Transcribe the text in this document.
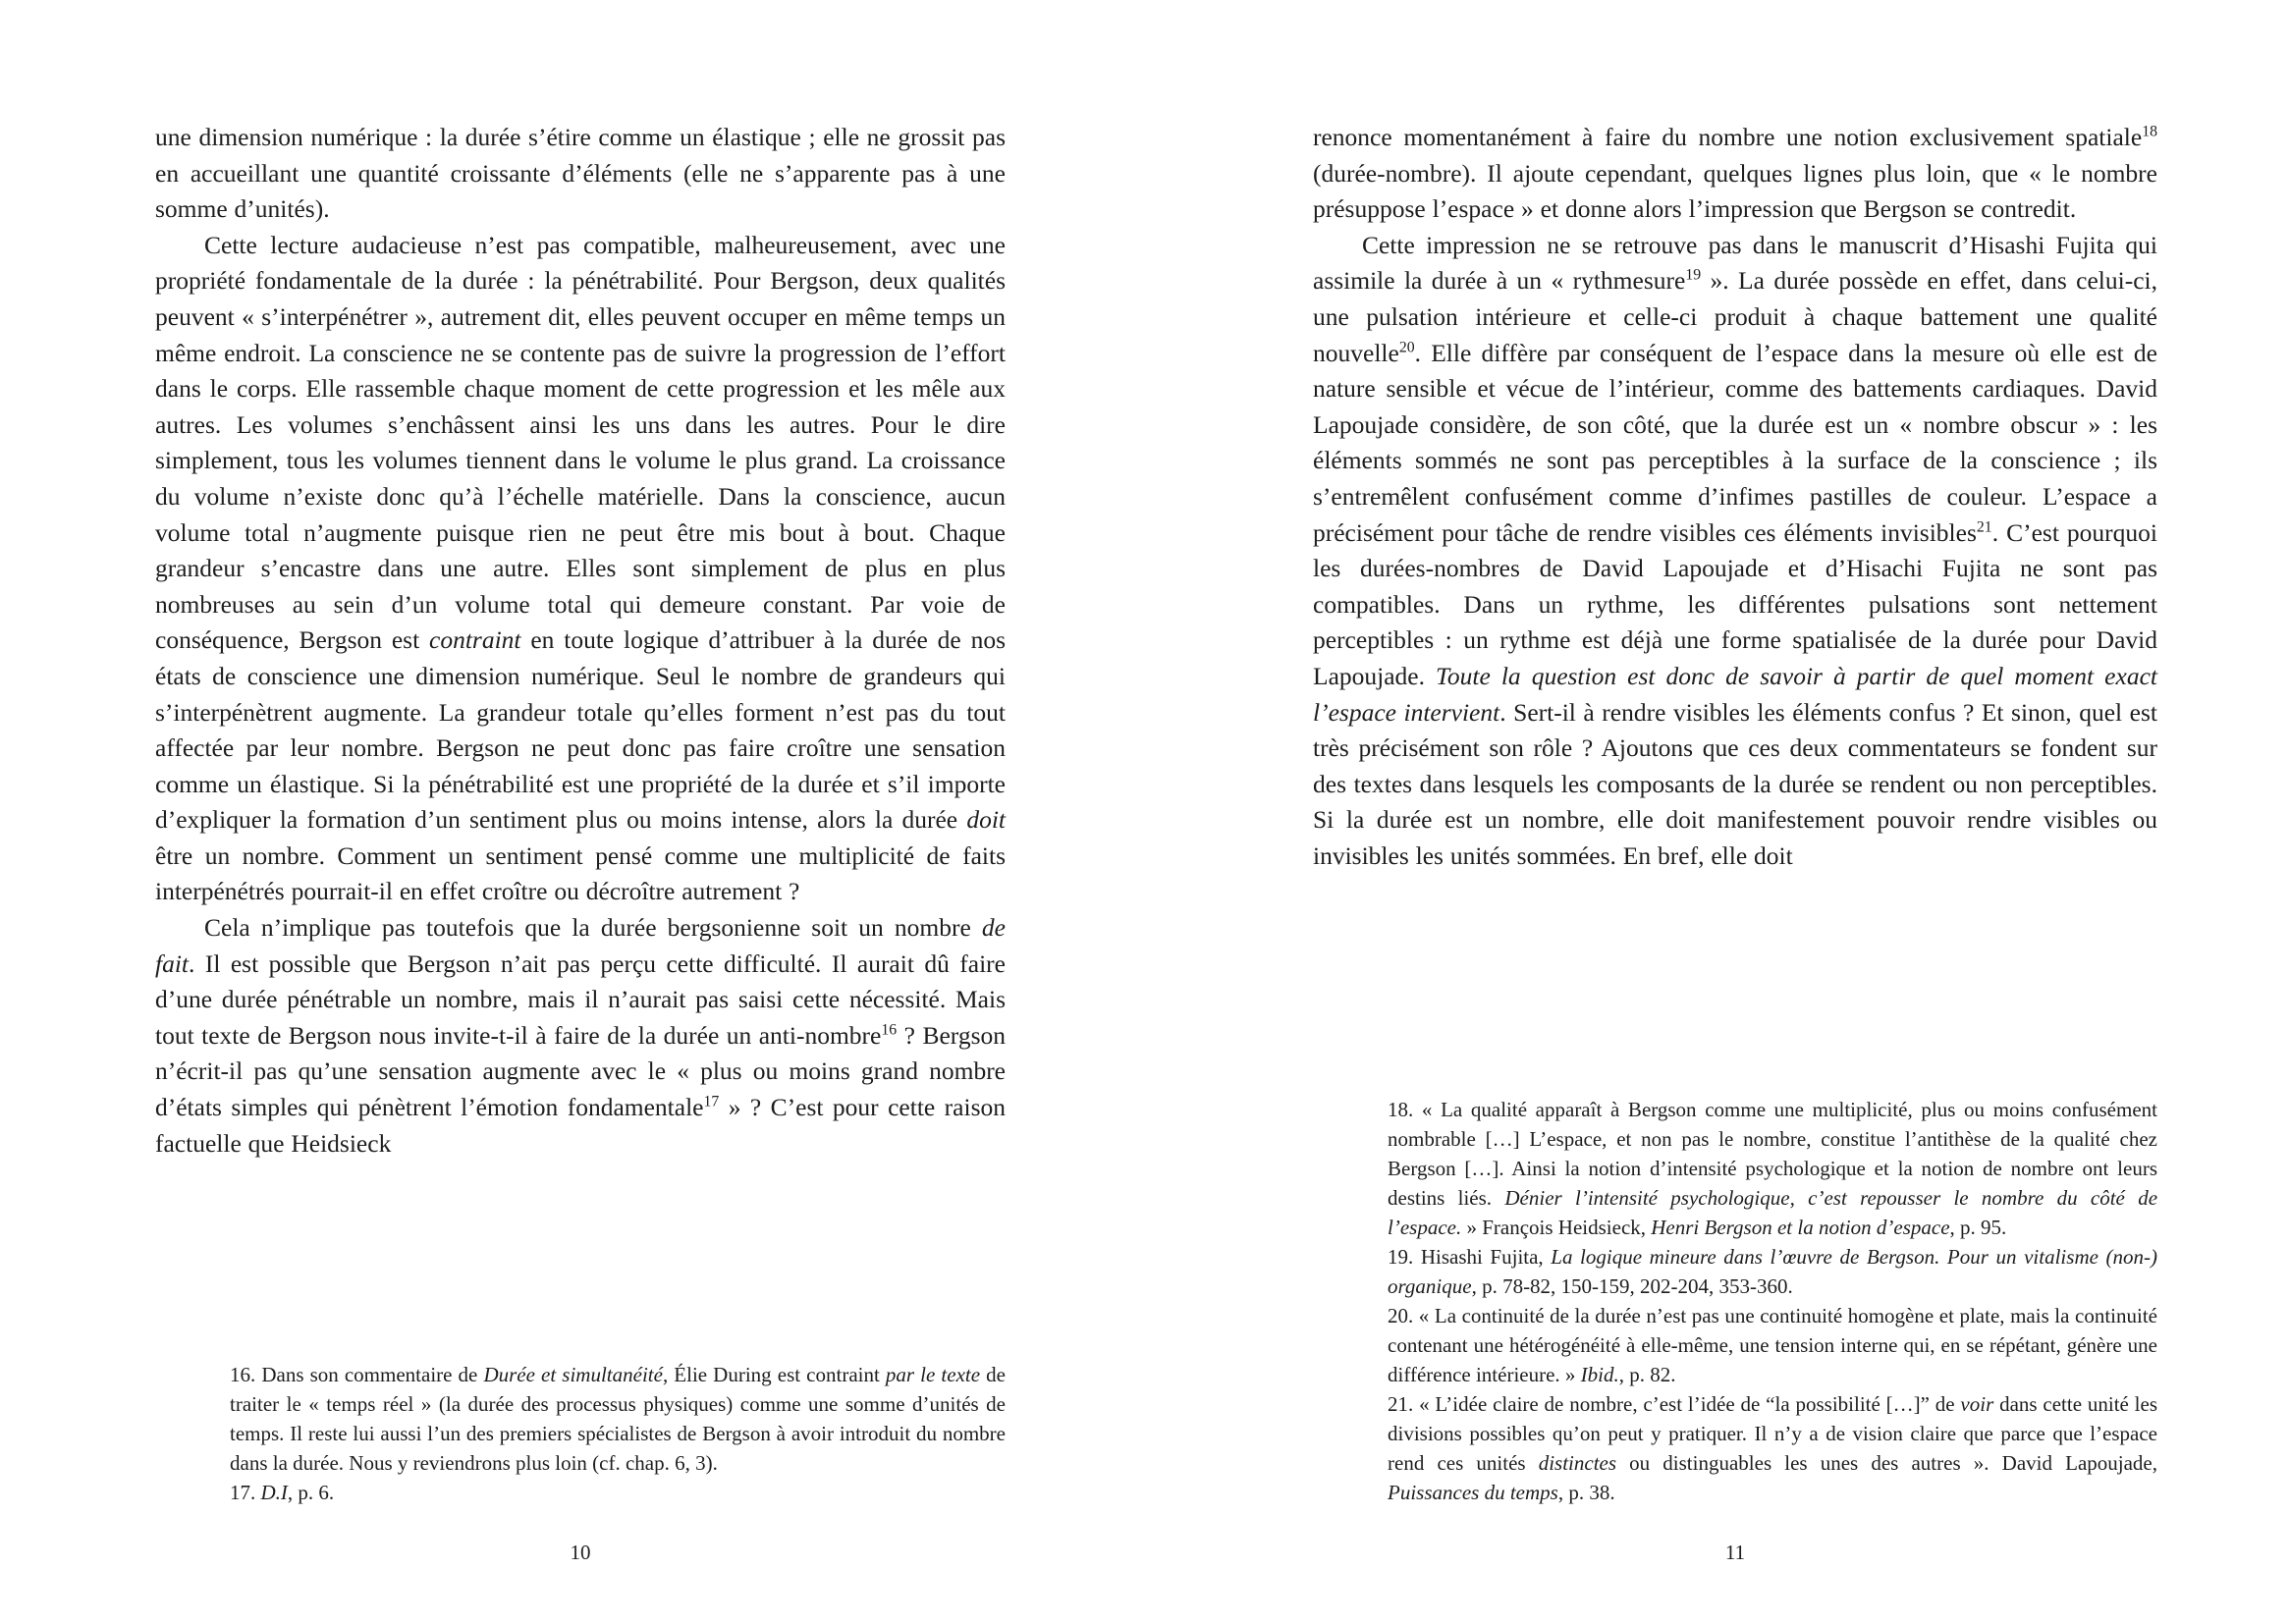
une dimension numérique : la durée s’étire comme un élastique ; elle ne grossit pas en accueillant une quantité croissante d’éléments (elle ne s’apparente pas à une somme d’unités).

Cette lecture audacieuse n’est pas compatible, malheureusement, avec une propriété fondamentale de la durée : la pénétrabilité. Pour Bergson, deux qualités peuvent « s’interpénétrer », autrement dit, elles peuvent occuper en même temps un même endroit. La conscience ne se contente pas de suivre la progression de l’effort dans le corps. Elle rassemble chaque moment de cette progression et les mêle aux autres. Les volumes s’enchâssent ainsi les uns dans les autres. Pour le dire simplement, tous les volumes tiennent dans le volume le plus grand. La croissance du volume n’existe donc qu’à l’échelle matérielle. Dans la conscience, aucun volume total n’augmente puisque rien ne peut être mis bout à bout. Chaque grandeur s’encastre dans une autre. Elles sont simplement de plus en plus nombreuses au sein d’un volume total qui demeure constant. Par voie de conséquence, Bergson est contraint en toute logique d’attribuer à la durée de nos états de conscience une dimension numérique. Seul le nombre de grandeurs qui s’interpénètrent augmente. La grandeur totale qu’elles forment n’est pas du tout affectée par leur nombre. Bergson ne peut donc pas faire croître une sensation comme un élastique. Si la pénétrabilité est une propriété de la durée et s’il importe d’expliquer la formation d’un sentiment plus ou moins intense, alors la durée doit être un nombre. Comment un sentiment pensé comme une multiplicité de faits interpénétrés pourrait-il en effet croître ou décroître autrement ?

Cela n’implique pas toutefois que la durée bergsonienne soit un nombre de fait. Il est possible que Bergson n’ait pas perçu cette difficulté. Il aurait dû faire d’une durée pénétrable un nombre, mais il n’aurait pas saisi cette nécessité. Mais tout texte de Bergson nous invite-t-il à faire de la durée un anti-nombre$^{16}$ ? Bergson n’écrit-il pas qu’une sensation augmente avec le « plus ou moins grand nombre d’états simples qui pénètrent l’émotion fondamentale$^{17}$ » ? C’est pour cette raison factuelle que Heidsieck

16. Dans son commentaire de Durée et simultanéité, Élie During est contraint par le texte de traiter le « temps réel » (la durée des processus physiques) comme une somme d’unités de temps. Il reste lui aussi l’un des premiers spécialistes de Bergson à avoir introduit du nombre dans la durée. Nous y reviendrons plus loin (cf. chap. 6, 3).

17. D.I, p. 6.

10

renonce momentanément à faire du nombre une notion exclusivement spatiale$^{18}$ (durée-nombre). Il ajoute cependant, quelques lignes plus loin, que « le nombre présuppose l’espace » et donne alors l’impression que Bergson se contredit.

Cette impression ne se retrouve pas dans le manuscrit d’Hisashi Fujita qui assimile la durée à un « rythmesure$^{19}$ ». La durée possède en effet, dans celui-ci, une pulsation intérieure et celle-ci produit à chaque battement une qualité nouvelle$^{20}$. Elle diffère par conséquent de l’espace dans la mesure où elle est de nature sensible et vécue de l’intérieur, comme des battements cardiaques. David Lapoujade considère, de son côté, que la durée est un « nombre obscur » : les éléments sommés ne sont pas perceptibles à la surface de la conscience ; ils s’entremêlent confusément comme d’infimes pastilles de couleur. L’espace a précisément pour tâche de rendre visibles ces éléments invisibles$^{21}$. C’est pourquoi les durées-nombres de David Lapoujade et d’Hisachi Fujita ne sont pas compatibles. Dans un rythme, les différentes pulsations sont nettement perceptibles : un rythme est déjà une forme spatialisée de la durée pour David Lapoujade. Toute la question est donc de savoir à partir de quel moment exact l’espace intervient. Sert-il à rendre visibles les éléments confus ? Et sinon, quel est très précisément son rôle ? Ajoutons que ces deux commentateurs se fondent sur des textes dans lesquels les composants de la durée se rendent ou non perceptibles. Si la durée est un nombre, elle doit manifestement pouvoir rendre visibles ou invisibles les unités sommées. En bref, elle doit

18. « La qualité apparaît à Bergson comme une multiplicité, plus ou moins confusément nombrable […] L’espace, et non pas le nombre, constitue l’antithèse de la qualité chez Bergson […]. Ainsi la notion d’intensité psychologique et la notion de nombre ont leurs destins liés. Dénier l’intensité psychologique, c’est repousser le nombre du côté de l’espace. » François Heidsieck, Henri Bergson et la notion d’espace, p. 95.

19. Hisashi Fujita, La logique mineure dans l’œuvre de Bergson. Pour un vitalisme (non-) organique, p. 78-82, 150-159, 202-204, 353-360.

20. « La continuité de la durée n’est pas une continuité homogène et plate, mais la continuité contenant une hétérogénéité à elle-même, une tension interne qui, en se répétant, génère une différence intérieure. » Ibid., p. 82.

21. « L’idée claire de nombre, c’est l’idée de “la possibilité […]” de voir dans cette unité les divisions possibles qu’on peut y pratiquer. Il n’y a de vision claire que parce que l’espace rend ces unités distinctes ou distinguables les unes des autres ». David Lapoujade, Puissances du temps, p. 38.

11
